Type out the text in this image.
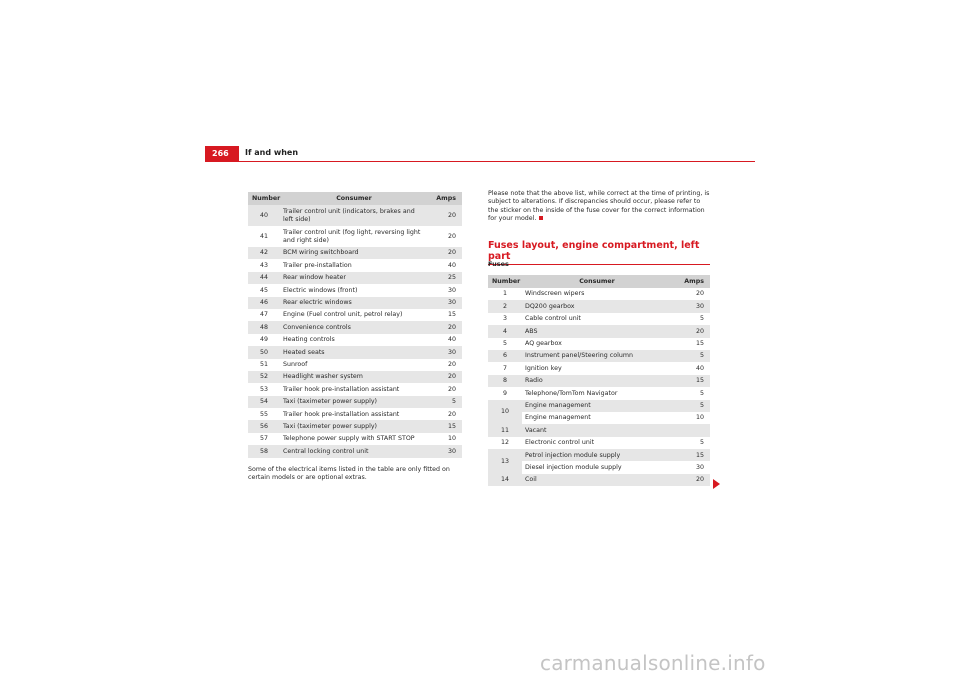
266	If and when
Number	Consumer	Amps
40	Trailer control unit (indicators, brakes and left side)	20
41	Trailer control unit (fog light, reversing light and right side)	20
42	BCM wiring switchboard	20
43	Trailer pre-installation	40
44	Rear window heater	25
45	Electric windows (front)	30
46	Rear electric windows	30
47	Engine (Fuel control unit, petrol relay)	15
48	Convenience controls	20
49	Heating controls	40
50	Heated seats	30
51	Sunroof	20
52	Headlight washer system	20
53	Trailer hook pre-installation assistant	20
54	Taxi (taximeter power supply)	5
55	Trailer hook pre-installation assistant	20
56	Taxi (taximeter power supply)	15
57	Telephone power supply with START STOP	10
58	Central locking control unit	30
Some of the electrical items listed in the table are only fitted on certain models or are optional extras.
Please note that the above list, while correct at the time of printing, is subject to alterations. If discrepancies should occur, please refer to the sticker on the inside of the fuse cover for the correct information for your model.
Fuses layout, engine compartment, left part
Fuses
Number	Consumer	Amps
1	Windscreen wipers	20
2	DQ200 gearbox	30
3	Cable control unit	5
4	ABS	20
5	AQ gearbox	15
6	Instrument panel/Steering column	5
7	Ignition key	40
8	Radio	15
9	Telephone/TomTom Navigator	5
10	Engine management	5
	Engine management	10
11	Vacant	
12	Electronic control unit	5
13	Petrol injection module supply	15
	Diesel injection module supply	30
14	Coil	20
carmanualsonline.info
